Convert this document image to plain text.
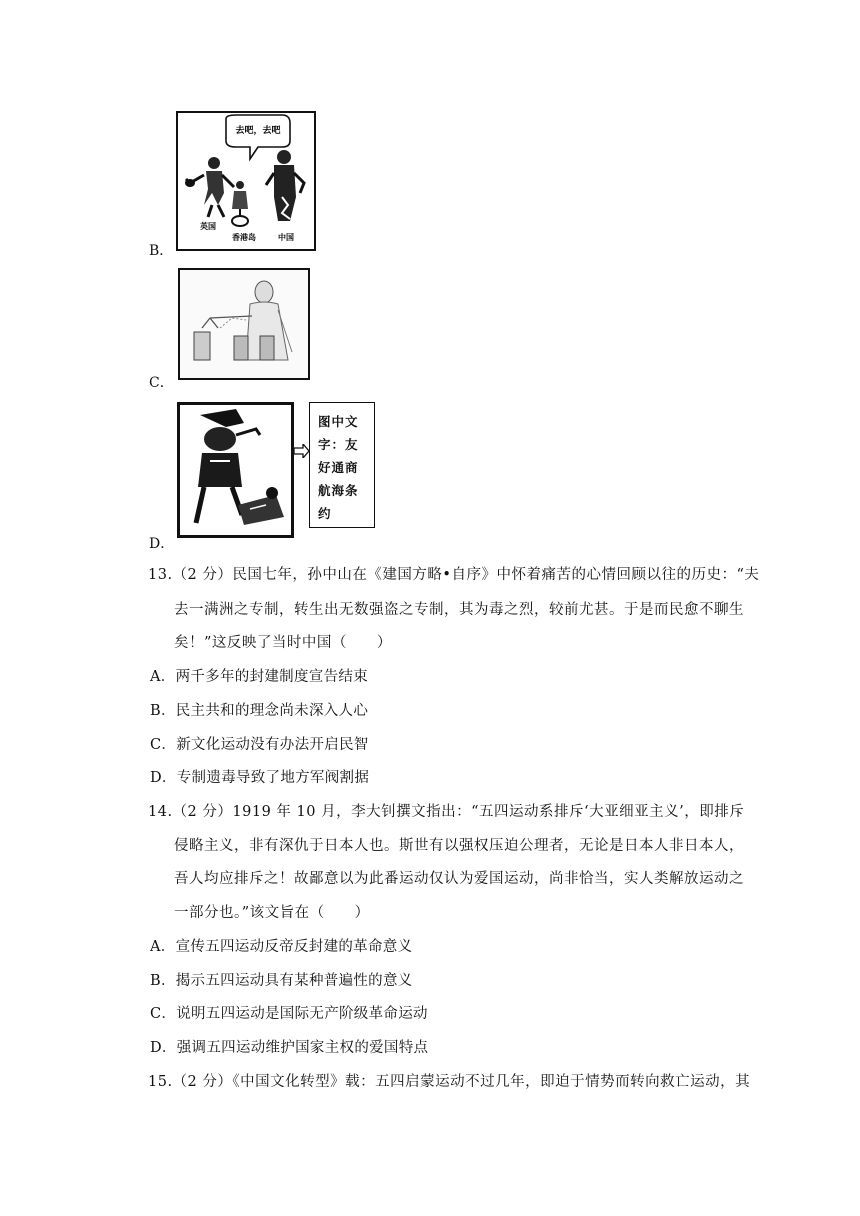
B．
去吧，去吧
英国
香港岛	中国
C．
D．
图中文
字：友
好通商
航海条
约
13.（2 分）民国七年，孙中山在《建国方略•自序》中怀着痛苦的心情回顾以往的历史：“夫
去一满洲之专制，转生出无数强盗之专制，其为毒之烈，较前尤甚。于是而民愈不聊生
矣！”这反映了当时中国（　　）
A．两千多年的封建制度宣告结束
B．民主共和的理念尚未深入人心
C．新文化运动没有办法开启民智
D．专制遗毒导致了地方军阀割据
14.（2 分）1919 年 10 月，李大钊撰文指出：“五四运动系排斥‘大亚细亚主义’，即排斥
侵略主义，非有深仇于日本人也。斯世有以强权压迫公理者，无论是日本人非日本人，
吾人均应排斥之！故鄙意以为此番运动仅认为爱国运动，尚非恰当，实人类解放运动之
一部分也。”该文旨在（　　）
A．宣传五四运动反帝反封建的革命意义
B．揭示五四运动具有某种普遍性的意义
C．说明五四运动是国际无产阶级革命运动
D．强调五四运动维护国家主权的爱国特点
15.（2 分）《中国文化转型》载：五四启蒙运动不过几年，即迫于情势而转向救亡运动，其
